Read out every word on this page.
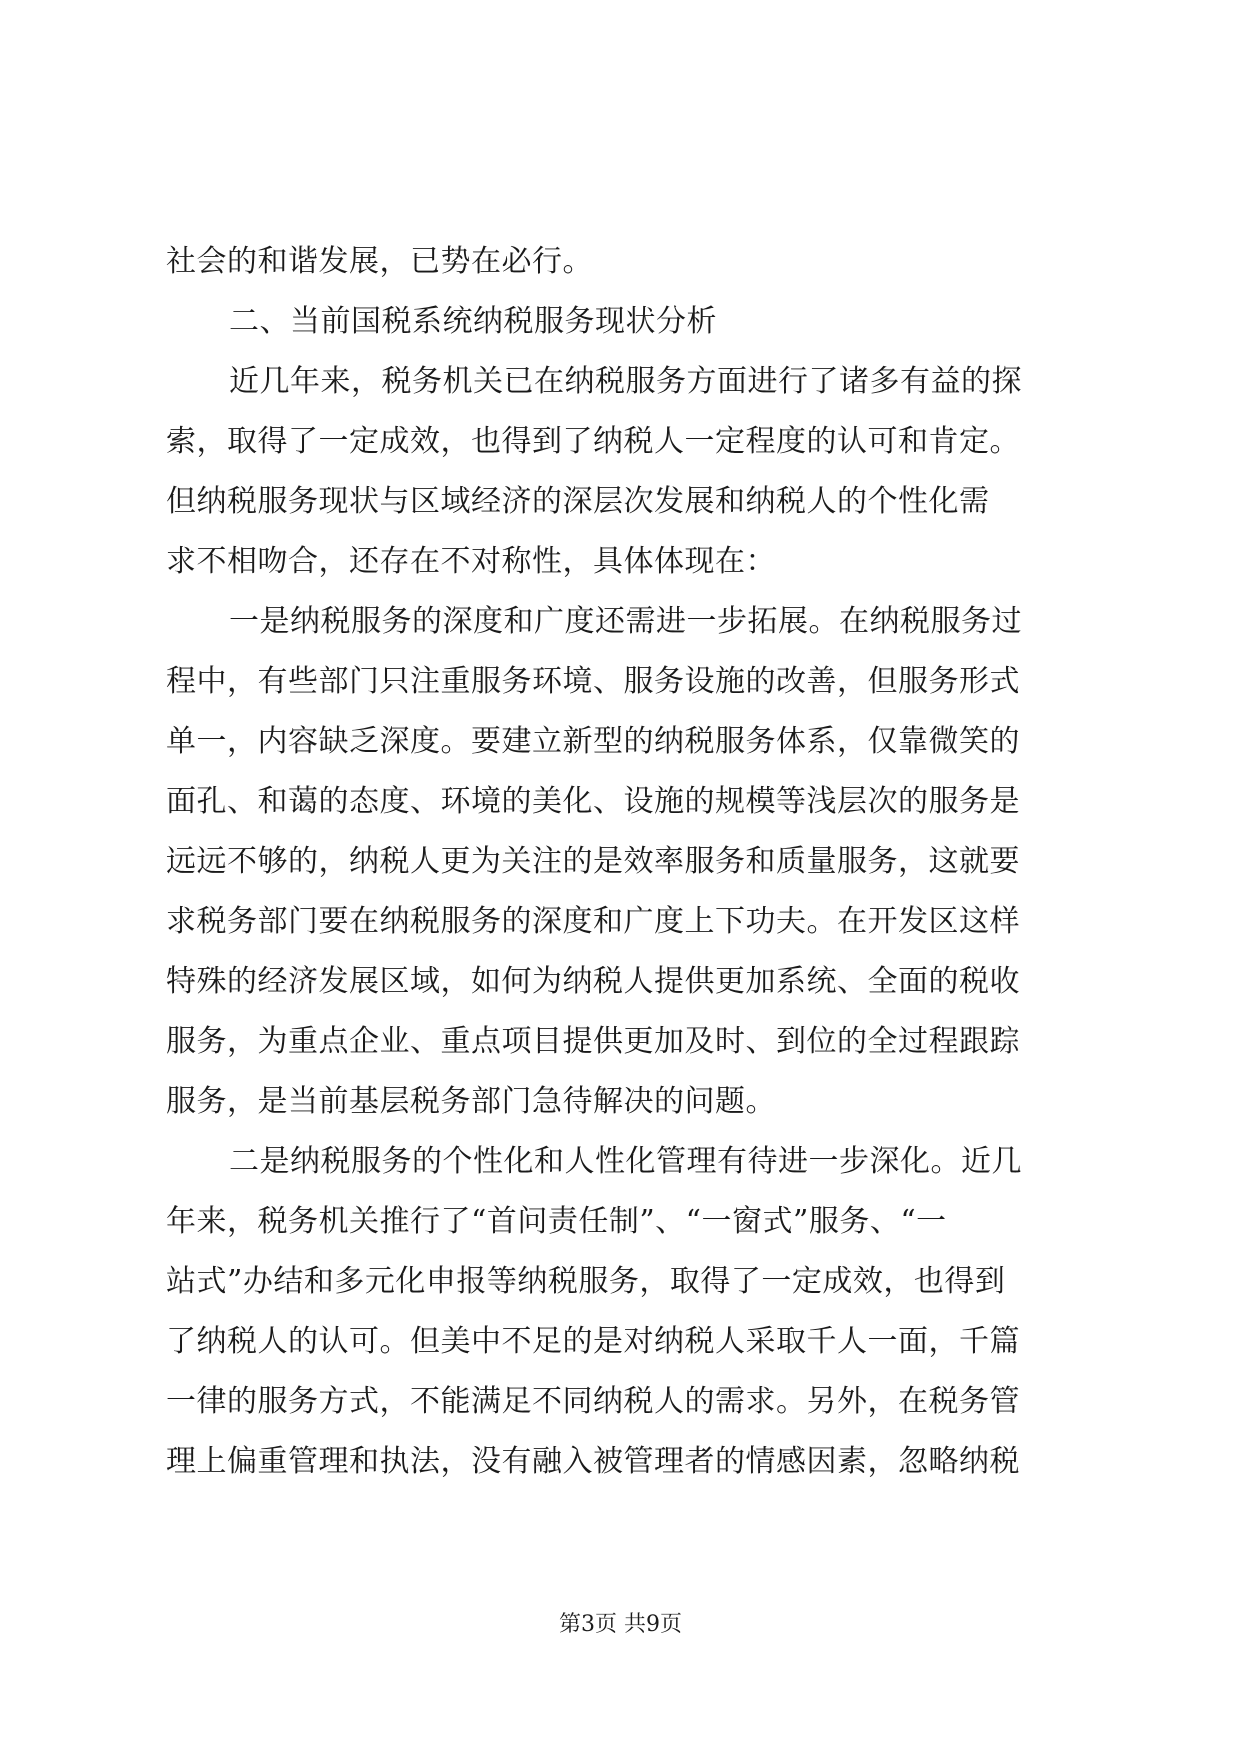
社会的和谐发展，已势在必行。
二、当前国税系统纳税服务现状分析
近几年来，税务机关已在纳税服务方面进行了诸多有益的探
索，取得了一定成效，也得到了纳税人一定程度的认可和肯定。
但纳税服务现状与区域经济的深层次发展和纳税人的个性化需
求不相吻合，还存在不对称性，具体体现在：
一是纳税服务的深度和广度还需进一步拓展。在纳税服务过
程中，有些部门只注重服务环境、服务设施的改善，但服务形式
单一，内容缺乏深度。要建立新型的纳税服务体系，仅靠微笑的
面孔、和蔼的态度、环境的美化、设施的规模等浅层次的服务是
远远不够的，纳税人更为关注的是效率服务和质量服务，这就要
求税务部门要在纳税服务的深度和广度上下功夫。在开发区这样
特殊的经济发展区域，如何为纳税人提供更加系统、全面的税收
服务，为重点企业、重点项目提供更加及时、到位的全过程跟踪
服务，是当前基层税务部门急待解决的问题。
二是纳税服务的个性化和人性化管理有待进一步深化。近几
年来，税务机关推行了“首问责任制”、“一窗式”服务、“一
站式”办结和多元化申报等纳税服务，取得了一定成效，也得到
了纳税人的认可。但美中不足的是对纳税人采取千人一面，千篇
一律的服务方式，不能满足不同纳税人的需求。另外，在税务管
理上偏重管理和执法，没有融入被管理者的情感因素，忽略纳税
第3页 共9页
